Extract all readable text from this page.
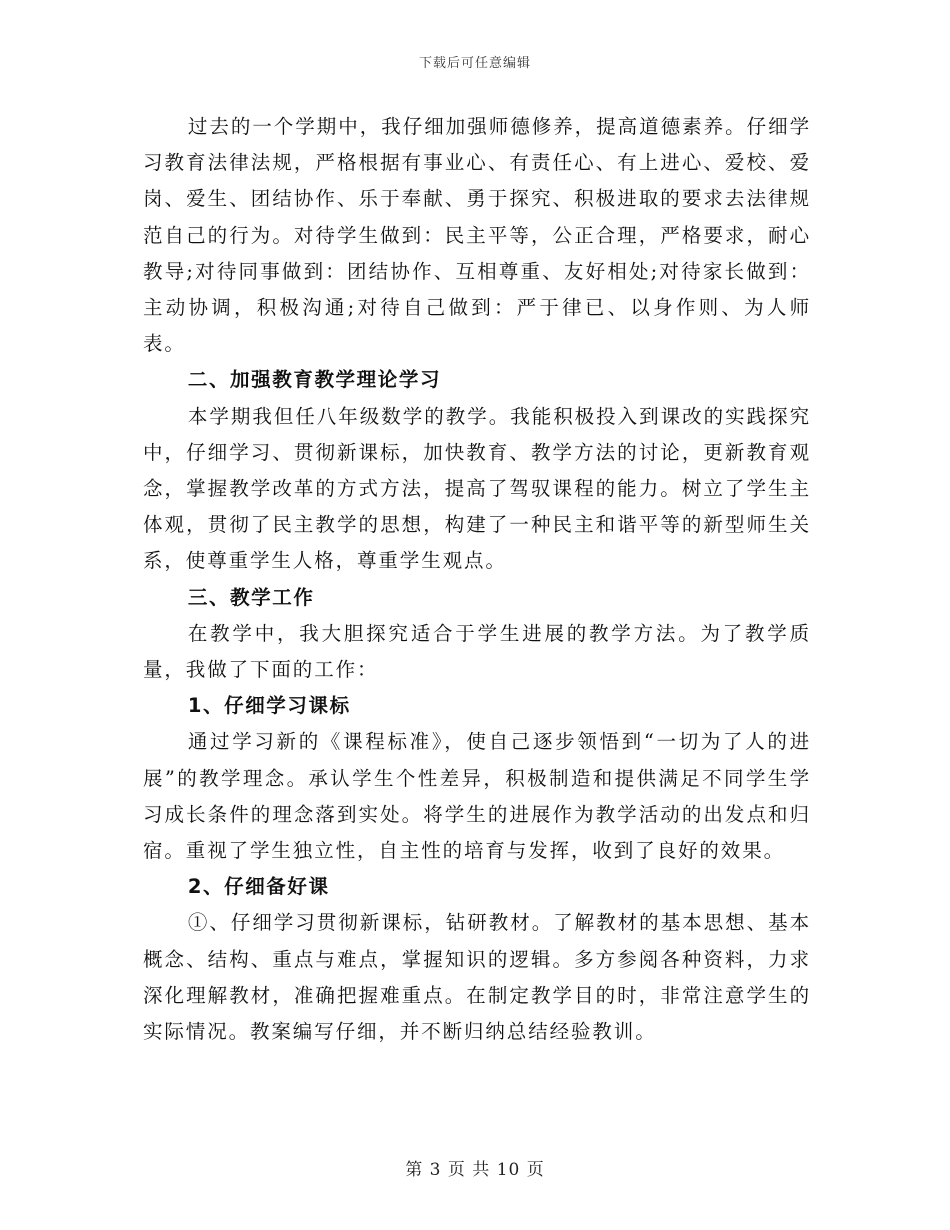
下载后可任意编辑

过去的一个学期中，我仔细加强师德修养，提高道德素养。仔细学习教育法律法规，严格根据有事业心、有责任心、有上进心、爱校、爱岗、爱生、团结协作、乐于奉献、勇于探究、积极进取的要求去法律规范自己的行为。对待学生做到：民主平等，公正合理，严格要求，耐心教导;对待同事做到：团结协作、互相尊重、友好相处;对待家长做到：主动协调，积极沟通;对待自己做到：严于律已、以身作则、为人师表。

二、加强教育教学理论学习

本学期我但任八年级数学的教学。我能积极投入到课改的实践探究中，仔细学习、贯彻新课标，加快教育、教学方法的讨论，更新教育观念，掌握教学改革的方式方法，提高了驾驭课程的能力。树立了学生主体观，贯彻了民主教学的思想，构建了一种民主和谐平等的新型师生关系，使尊重学生人格，尊重学生观点。

三、教学工作

在教学中，我大胆探究适合于学生进展的教学方法。为了教学质量，我做了下面的工作：

1、仔细学习课标

通过学习新的《课程标准》，使自己逐步领悟到“一切为了人的进展”的教学理念。承认学生个性差异，积极制造和提供满足不同学生学习成长条件的理念落到实处。将学生的进展作为教学活动的出发点和归宿。重视了学生独立性，自主性的培育与发挥，收到了良好的效果。

2、仔细备好课

①、仔细学习贯彻新课标，钻研教材。了解教材的基本思想、基本概念、结构、重点与难点，掌握知识的逻辑。多方参阅各种资料，力求深化理解教材，准确把握难重点。在制定教学目的时，非常注意学生的实际情况。教案编写仔细，并不断归纳总结经验教训。

第 3 页 共 10 页
